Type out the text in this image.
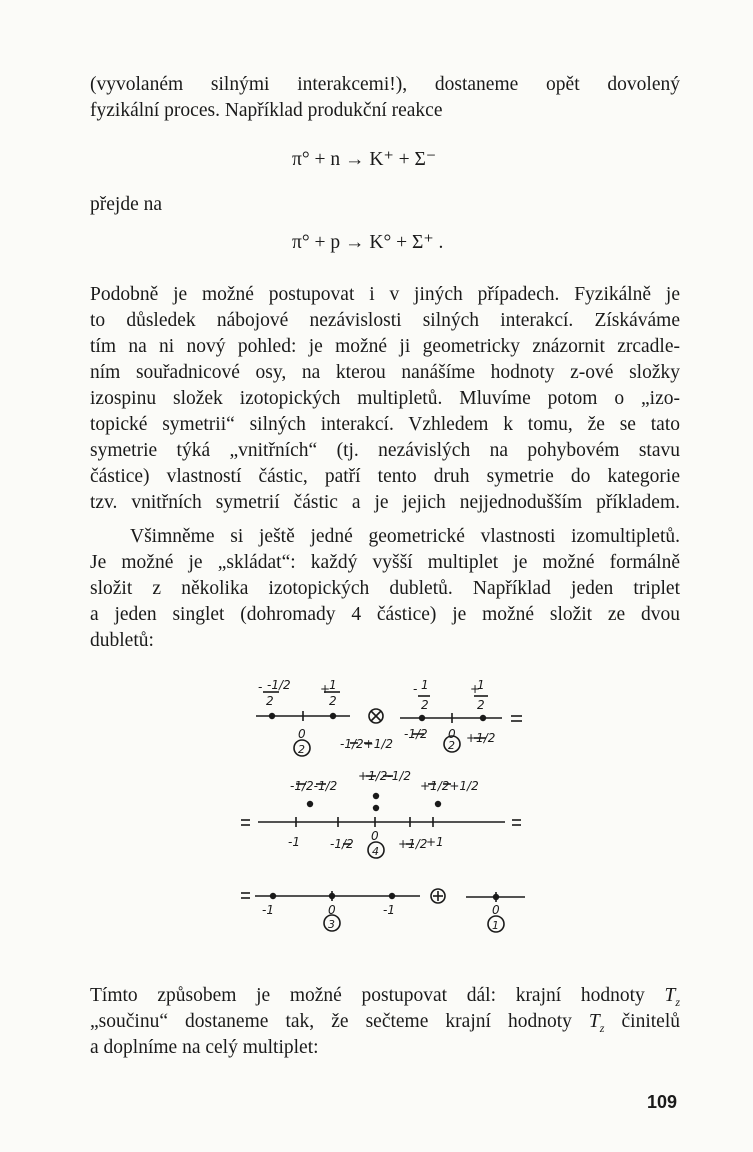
(vyvolaném silnými interakcemi!), dostaneme opět dovolený
fyzikální proces. Například produkční reakce
π° + n → K⁺ + Σ⁻
přejde na
π° + p → K° + Σ⁺ .
Podobně je možné postupovat i v jiných případech. Fyzikálně je
to důsledek nábojové nezávislosti silných interakcí. Získáváme
tím na ni nový pohled: je možné ji geometricky znázornit zrcadle-
ním souřadnicové osy, na kterou nanášíme hodnoty z-ové složky
izospinu složek izotopických multipletů. Mluvíme potom o „izo-
topické symetrii“ silných interakcí. Vzhledem k tomu, že se tato
symetrie týká „vnitřních“ (tj. nezávislých na pohybovém stavu
částice) vlastností částic, patří tento druh symetrie do kategorie
tzv. vnitřních symetrií částic a je jejich nejjednodušším příkladem.
Všimněme si ještě jedné geometrické vlastnosti izomultipletů.
Je možné je „skládat“: každý vyšší multiplet je možné formálně
složit z několika izotopických dubletů. Například jeden triplet
a jeden singlet (dohromady 4 částice) je možné složit ze dvou
dubletů:
- -1/2 +
1
2
2
0
2
- 1
2
+
1
2
-1/2+1/2
-1/2 0 +1/2
2
-1/2-1/2
+1/2-1/2
+1/2+1/2
-1	-1/2
0
+1/2
+1
4
-1	0	-1
3
0
1
Tímto způsobem je možné postupovat dál: krajní hodnoty $T_z$
„součinu“ dostaneme tak, že sečteme krajní hodnoty $T_z$ činitelů
a doplníme na celý multiplet:
109
